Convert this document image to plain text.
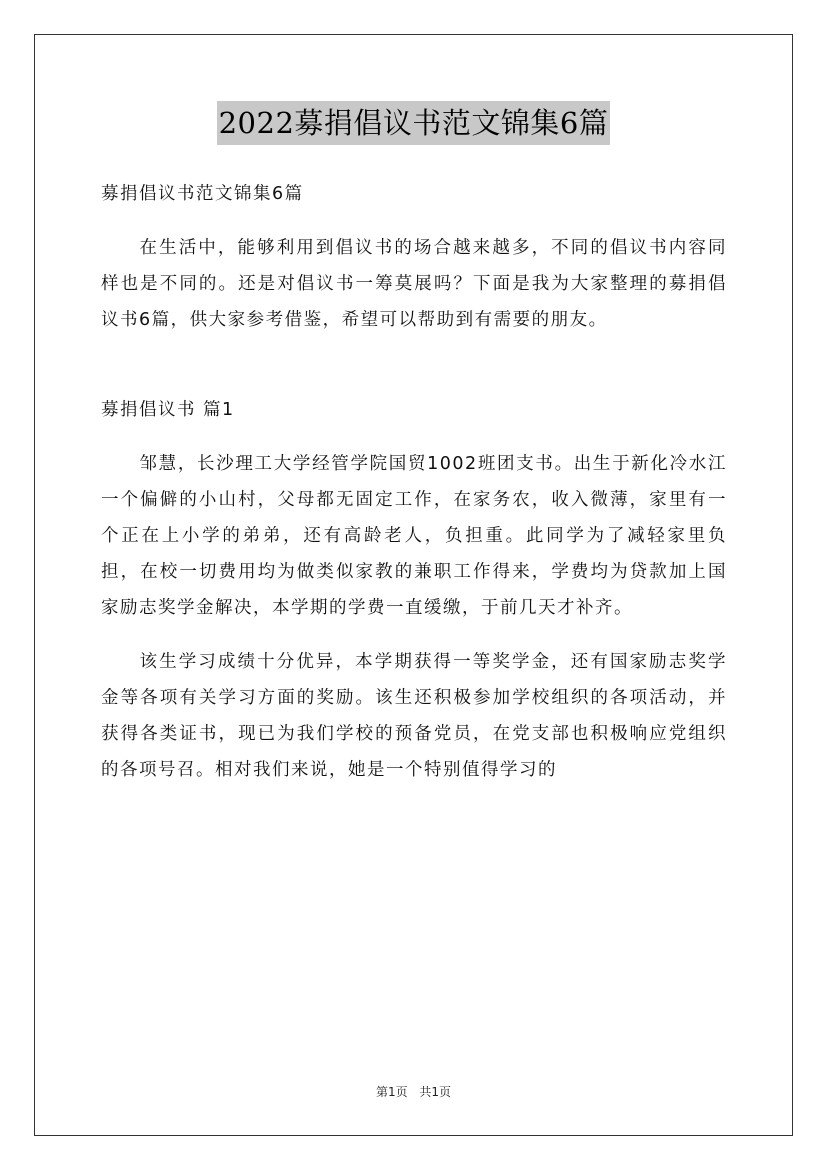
2022募捐倡议书范文锦集6篇

募捐倡议书范文锦集6篇

在生活中，能够利用到倡议书的场合越来越多，不同的倡议书内容同样也是不同的。还是对倡议书一筹莫展吗？下面是我为大家整理的募捐倡议书6篇，供大家参考借鉴，希望可以帮助到有需要的朋友。

募捐倡议书 篇1

邹慧，长沙理工大学经管学院国贸1002班团支书。出生于新化冷水江一个偏僻的小山村，父母都无固定工作，在家务农，收入微薄，家里有一个正在上小学的弟弟，还有高龄老人，负担重。此同学为了减轻家里负担，在校一切费用均为做类似家教的兼职工作得来，学费均为贷款加上国家励志奖学金解决，本学期的学费一直缓缴，于前几天才补齐。

该生学习成绩十分优异，本学期获得一等奖学金，还有国家励志奖学金等各项有关学习方面的奖励。该生还积极参加学校组织的各项活动，并获得各类证书，现已为我们学校的预备党员，在党支部也积极响应党组织的各项号召。相对我们来说，她是一个特别值得学习的

第1页 共1页
